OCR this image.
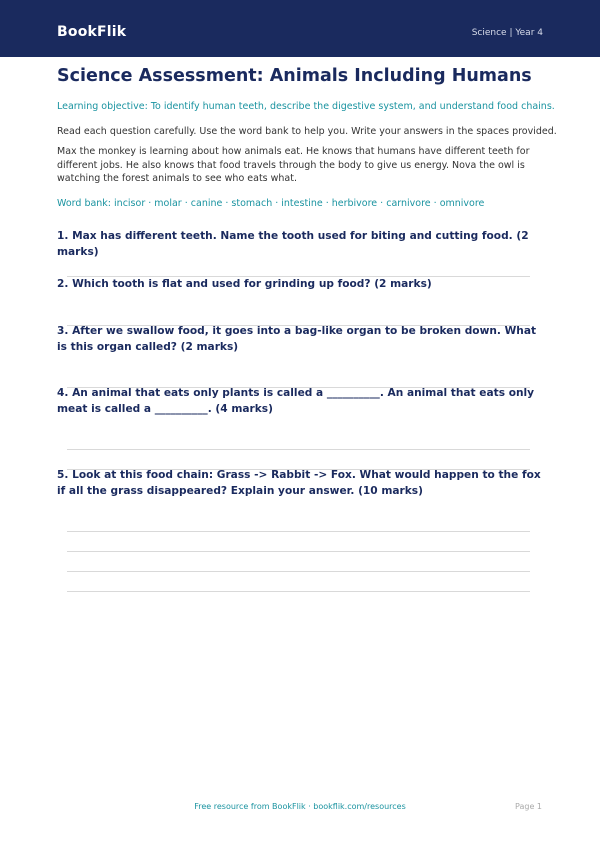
BookFlik	Science | Year 4
Science Assessment: Animals Including Humans
Learning objective: To identify human teeth, describe the digestive system, and understand food chains.
Read each question carefully. Use the word bank to help you. Write your answers in the spaces provided.

Max the monkey is learning about how animals eat. He knows that humans have different teeth for different jobs. He also knows that food travels through the body to give us energy. Nova the owl is watching the forest animals to see who eats what.

Word bank: incisor · molar · canine · stomach · intestine · herbivore · carnivore · omnivore

1. Max has different teeth. Name the tooth used for biting and cutting food. (2 marks)

2. Which tooth is flat and used for grinding up food? (2 marks)

3. After we swallow food, it goes into a bag-like organ to be broken down. What is this organ called? (2 marks)

4. An animal that eats only plants is called a __________. An animal that eats only meat is called a __________. (4 marks)

5. Look at this food chain: Grass -> Rabbit -> Fox. What would happen to the fox if all the grass disappeared? Explain your answer. (10 marks)

Free resource from BookFlik · bookflik.com/resources	Page 1
